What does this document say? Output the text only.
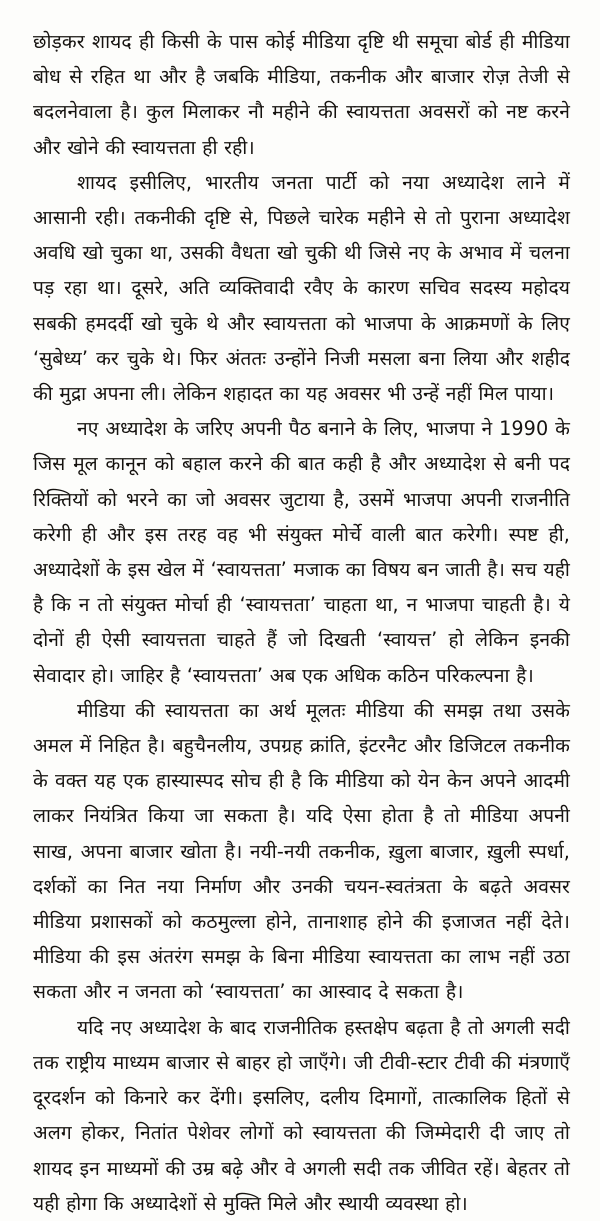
छोड़कर शायद ही किसी के पास कोई मीडिया दृष्टि थी समूचा बोर्ड ही मीडिया बोध से रहित था और है जबकि मीडिया, तकनीक और बाजार रोज़ तेजी से बदलनेवाला है। कुल मिलाकर नौ महीने की स्वायत्तता अवसरों को नष्ट करने और खोने की स्वायत्तता ही रही।

शायद इसीलिए, भारतीय जनता पार्टी को नया अध्यादेश लाने में आसानी रही। तकनीकी दृष्टि से, पिछले चारेक महीने से तो पुराना अध्यादेश अवधि खो चुका था, उसकी वैधता खो चुकी थी जिसे नए के अभाव में चलना पड़ रहा था। दूसरे, अति व्यक्तिवादी रवैए के कारण सचिव सदस्य महोदय सबकी हमदर्दी खो चुके थे और स्वायत्तता को भाजपा के आक्रमणों के लिए ‘सुबेध्य’ कर चुके थे। फिर अंततः उन्होंने निजी मसला बना लिया और शहीद की मुद्रा अपना ली। लेकिन शहादत का यह अवसर भी उन्हें नहीं मिल पाया।

नए अध्यादेश के जरिए अपनी पैठ बनाने के लिए, भाजपा ने 1990 के जिस मूल कानून को बहाल करने की बात कही है और अध्यादेश से बनी पद रिक्तियों को भरने का जो अवसर जुटाया है, उसमें भाजपा अपनी राजनीति करेगी ही और इस तरह वह भी संयुक्त मोर्चे वाली बात करेगी। स्पष्ट ही, अध्यादेशों के इस खेल में ‘स्वायत्तता’ मजाक का विषय बन जाती है। सच यही है कि न तो संयुक्त मोर्चा ही ‘स्वायत्तता’ चाहता था, न भाजपा चाहती है। ये दोनों ही ऐसी स्वायत्तता चाहते हैं जो दिखती ‘स्वायत्त’ हो लेकिन इनकी सेवादार हो। जाहिर है ‘स्वायत्तता’ अब एक अधिक कठिन परिकल्पना है।

मीडिया की स्वायत्तता का अर्थ मूलतः मीडिया की समझ तथा उसके अमल में निहित है। बहुचैनलीय, उपग्रह क्रांति, इंटरनैट और डिजिटल तकनीक के वक्त यह एक हास्यास्पद सोच ही है कि मीडिया को येन केन अपने आदमी लाकर नियंत्रित किया जा सकता है। यदि ऐसा होता है तो मीडिया अपनी साख, अपना बाजार खोता है। नयी-नयी तकनीक, ख़ुला बाजार, ख़ुली स्पर्धा, दर्शकों का नित नया निर्माण और उनकी चयन-स्वतंत्रता के बढ़ते अवसर मीडिया प्रशासकों को कठमुल्ला होने, तानाशाह होने की इजाजत नहीं देते। मीडिया की इस अंतरंग समझ के बिना मीडिया स्वायत्तता का लाभ नहीं उठा सकता और न जनता को ‘स्वायत्तता’ का आस्वाद दे सकता है।

यदि नए अध्यादेश के बाद राजनीतिक हस्तक्षेप बढ़ता है तो अगली सदी तक राष्ट्रीय माध्यम बाजार से बाहर हो जाएँगे। जी टीवी-स्टार टीवी की मंत्रणाएँ दूरदर्शन को किनारे कर देंगी। इसलिए, दलीय दिमागों, तात्कालिक हितों से अलग होकर, नितांत पेशेवर लोगों को स्वायत्तता की जिम्मेदारी दी जाए तो शायद इन माध्यमों की उम्र बढ़े और वे अगली सदी तक जीवित रहें। बेहतर तो यही होगा कि अध्यादेशों से मुक्ति मिले और स्थायी व्यवस्था हो।
